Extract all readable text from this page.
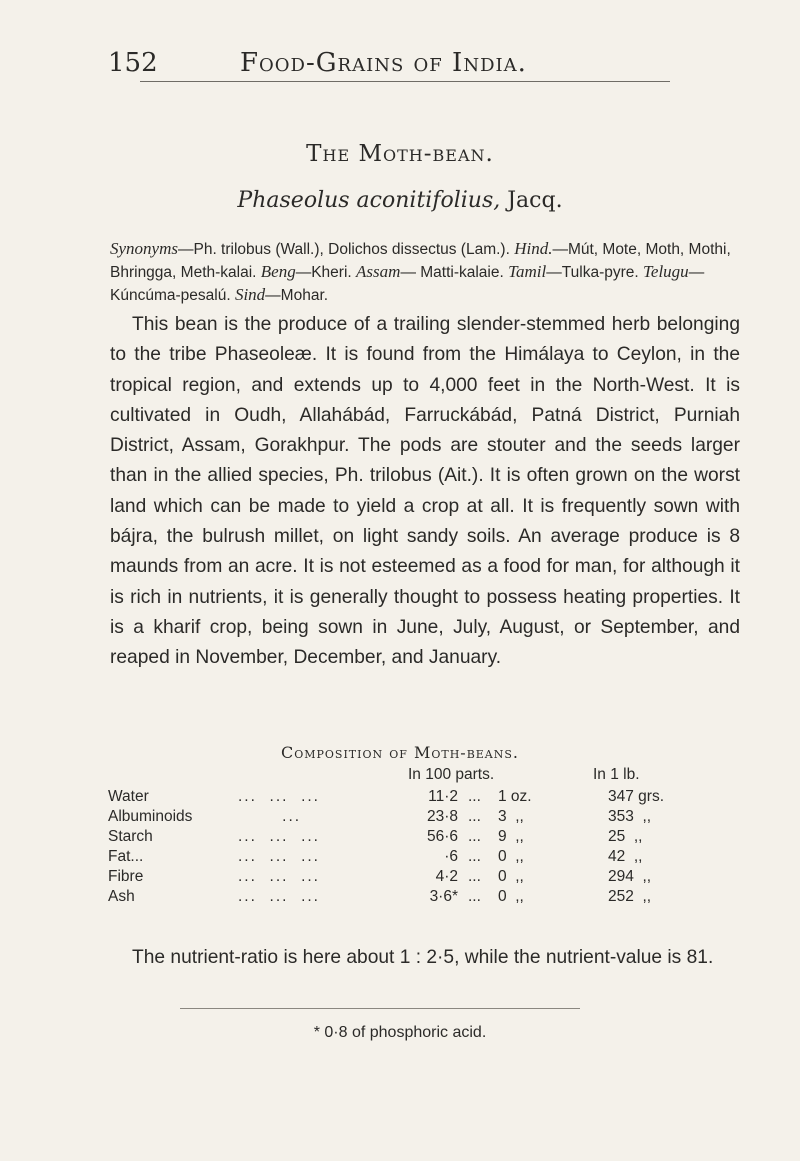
152	Food-Grains of India.
The Moth-bean.
Phaseolus aconitifolius, Jacq.
Synonyms—Ph. trilobus (Wall.), Dolichos dissectus (Lam.). Hind.—Mút, Mote, Moth, Mothi, Bhringga, Meth-kalai. Beng—Kheri. Assam— Matti-kalaie. Tamil—Tulka-pyre. Telugu—Kúncúma-pesalú. Sind—Mohar.

This bean is the produce of a trailing slender-stemmed herb belonging to the tribe Phaseoleæ. It is found from the Himálaya to Ceylon, in the tropical region, and extends up to 4,000 feet in the North-West. It is cultivated in Oudh, Allahábád, Farruckábád, Patná District, Purniah District, Assam, Gorakhpur. The pods are stouter and the seeds larger than in the allied species, Ph. trilobus (Ait.). It is often grown on the worst land which can be made to yield a crop at all. It is frequently sown with bájra, the bulrush millet, on light sandy soils. An average produce is 8 maunds from an acre. It is not esteemed as a food for man, for although it is rich in nutrients, it is generally thought to possess heating properties. It is a kharif crop, being sown in June, July, August, or September, and reaped in November, December, and January.

Composition of Moth-beans.
In 100 parts.	In 1 lb.
Water	...  ...  ...	11·2 ... 1 oz.	347 grs.
Albuminoids	...	23·8 ... 3  ,,	353  ,,
Starch	...  ...  ...	56·6 ... 9  ,,	25  ,,
Fat...	...  ...  ...	·6 ... 0  ,,	42  ,,
Fibre	...  ...  ...	4·2 ... 0  ,,	294  ,,
Ash	...  ...  ...	3·6* ... 0  ,,	252  ,,

The nutrient-ratio is here about 1 : 2·5, while the nutrient-value is 81.

* 0·8 of phosphoric acid.
